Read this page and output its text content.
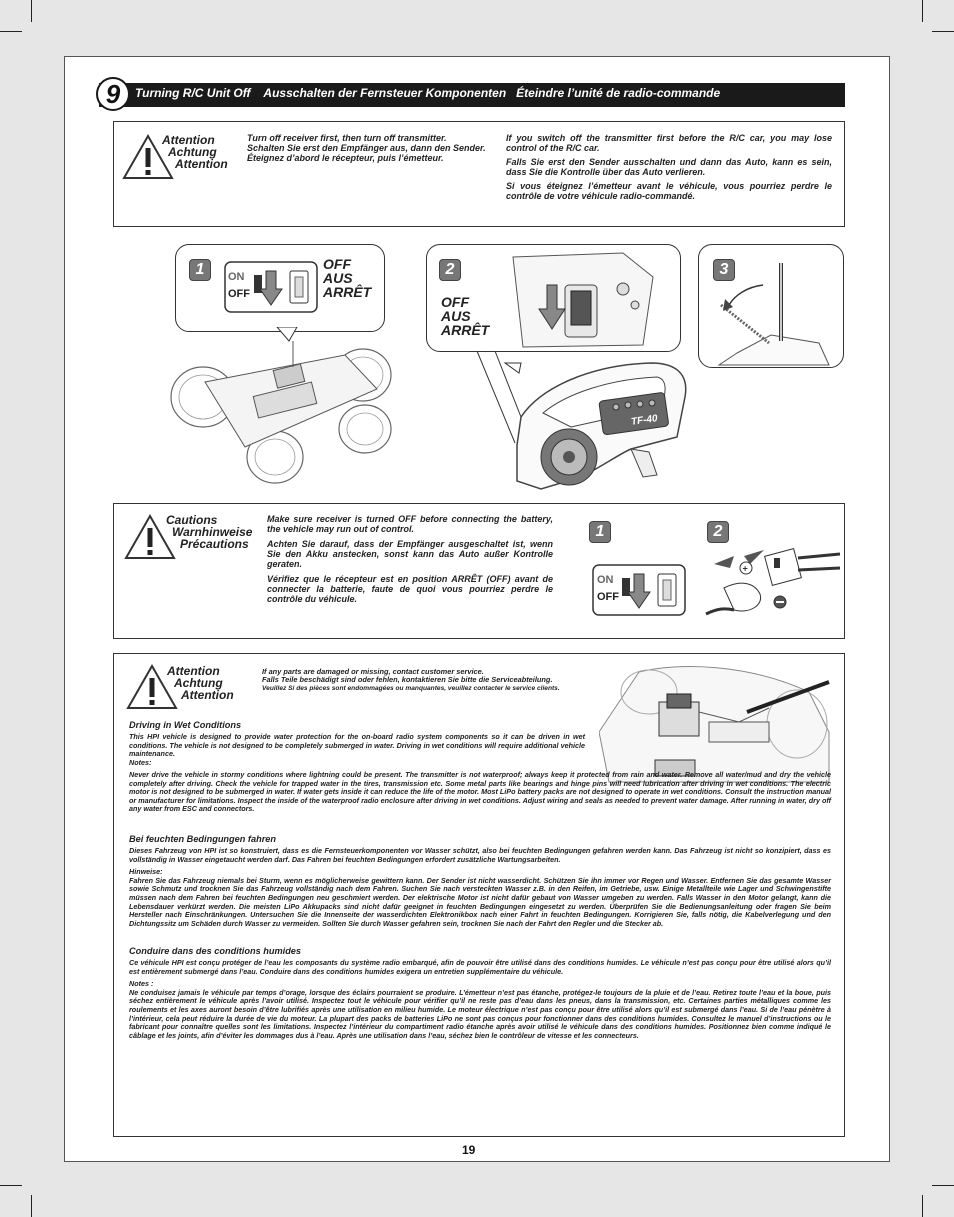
9	Turning R/C Unit Off    Ausschalten der Fernsteuer Komponenten   Éteindre l’unité de radio-commande
Attention
Achtung
Attention
Turn off receiver first, then turn off transmitter.
Schalten Sie erst den Empfänger aus, dann den Sender.
Éteignez d’abord le récepteur, puis l’émetteur.
If you switch off the transmitter first before the R/C car, you may lose control of the R/C car.
Falls Sie erst den Sender ausschalten und dann das Auto, kann es sein, dass Sie die Kontrolle über das Auto verlieren.
Si vous éteignez l’émetteur avant le véhicule, vous pourriez perdre le contrôle de votre véhicule radio-commandé.
1	ON
OFF
OFF
AUS
ARRÊT
2
OFF
AUS
ARRÊT
TF-40
3
Cautions
Warnhinweise
Précautions
Make sure receiver is turned OFF before connecting the battery, the vehicle may run out of control.
Achten Sie darauf, dass der Empfänger ausgeschaltet ist, wenn Sie den Akku anstecken, sonst kann das Auto außer Kontrolle geraten.
Vérifiez que le récepteur est en position ARRÊT (OFF) avant de connecter la batterie, faute de quoi vous pourriez perdre le contrôle du véhicule.
1	2
ON
OFF
+
Attention
Achtung
Attention
If any parts are damaged or missing, contact customer service.
Falls Teile beschädigt sind oder fehlen, kontaktieren Sie bitte die Serviceabteilung.
Veuillez Si des pièces sont endommagées ou manquantes, veuillez contacter le service clients.
Driving in Wet Conditions
This HPI vehicle is designed to provide water protection for the on-board radio system components so it can be driven in wet conditions. The vehicle is not designed to be completely submerged in water. Driving in wet conditions will require additional vehicle maintenance.
Notes:
Never drive the vehicle in stormy conditions where lightning could be present. The transmitter is not waterproof; always keep it protected from rain and water. Remove all water/mud and dry the vehicle completely after driving. Check the vehicle for trapped water in the tires, transmission etc. Some metal parts like bearings and hinge pins will need lubrication after driving in wet conditions. The electric motor is not designed to be submerged in water. If water gets inside it can reduce the life of the motor. Most LiPo battery packs are not designed to operate in wet conditions. Consult the instruction manual or manufacturer for limitations. Inspect the inside of the waterproof radio enclosure after driving in wet conditions. Adjust wiring and seals as needed to prevent water damage. After running in water, dry off any water from ESC and connectors.
Bei feuchten Bedingungen fahren
Dieses Fahrzeug von HPI ist so konstruiert, dass es die Fernsteuerkomponenten vor Wasser schützt, also bei feuchten Bedingungen gefahren werden kann. Das Fahrzeug ist nicht so konzipiert, dass es vollständig in Wasser eingetaucht werden darf. Das Fahren bei feuchten Bedingungen erfordert zusätzliche Wartungsarbeiten.
Hinweise:
Fahren Sie das Fahrzeug niemals bei Sturm, wenn es möglicherweise gewittern kann. Der Sender ist nicht wasserdicht. Schützen Sie ihn immer vor Regen und Wasser. Entfernen Sie das gesamte Wasser sowie Schmutz und trocknen Sie das Fahrzeug vollständig nach dem Fahren. Suchen Sie nach versteckten Wasser z.B. in den Reifen, im Getriebe, usw. Einige Metallteile wie Lager und Schwingenstifte müssen nach dem Fahren bei feuchten Bedingungen neu geschmiert werden. Der elektrische Motor ist nicht dafür gebaut von Wasser umgeben zu werden. Falls Wasser in den Motor gelangt, kann die Lebensdauer verkürzt werden. Die meisten LiPo Akkupacks sind nicht dafür geeignet in feuchten Bedingungen eingesetzt zu werden. Überprüfen Sie die Bedienungsanleitung oder fragen Sie beim Hersteller nach Einschränkungen. Untersuchen Sie die Innenseite der wasserdichten Elektronikbox nach einer Fahrt in feuchten Bedingungen. Korrigieren Sie, falls nötig, die Kabelverlegung und den Dichtungssitz um Schäden durch Wasser zu vermeiden. Sollten Sie durch Wasser gefahren sein, trocknen Sie nach der Fahrt den Regler und die Stecker ab.
Conduire dans des conditions humides
Ce véhicule HPI est conçu protéger de l’eau les composants du système radio embarqué, afin de pouvoir être utilisé dans des conditions humides. Le véhicule n’est pas conçu pour être utilisé alors qu’il est entièrement submergé dans l’eau. Conduire dans des conditions humides exigera un entretien supplémentaire du véhicule.
Notes :
Ne conduisez jamais le véhicule par temps d’orage, lorsque des éclairs pourraient se produire. L’émetteur n’est pas étanche, protégez-le toujours de la pluie et de l’eau. Retirez toute l’eau et la boue, puis séchez entièrement le véhicule après l’avoir utilisé. Inspectez tout le véhicule pour vérifier qu’il ne reste pas d’eau dans les pneus, dans la transmission, etc. Certaines parties métalliques comme les roulements et les axes auront besoin d’être lubrifiés après une utilisation en milieu humide. Le moteur électrique n’est pas conçu pour être utilisé alors qu’il est submergé dans l’eau. Si de l’eau pénètre à l’intérieur, cela peut réduire la durée de vie du moteur. La plupart des packs de batteries LiPo ne sont pas conçus pour fonctionner dans des conditions humides. Consultez le manuel d’instructions ou le fabricant pour connaître quelles sont les limitations. Inspectez l’intérieur du compartiment radio étanche après avoir utilisé le véhicule dans des conditions humides. Positionnez bien comme indiqué le câblage et les joints, afin d’éviter les dommages dus à l’eau. Après une utilisation dans l’eau, séchez bien le contrôleur de vitesse et les connecteurs.
19
